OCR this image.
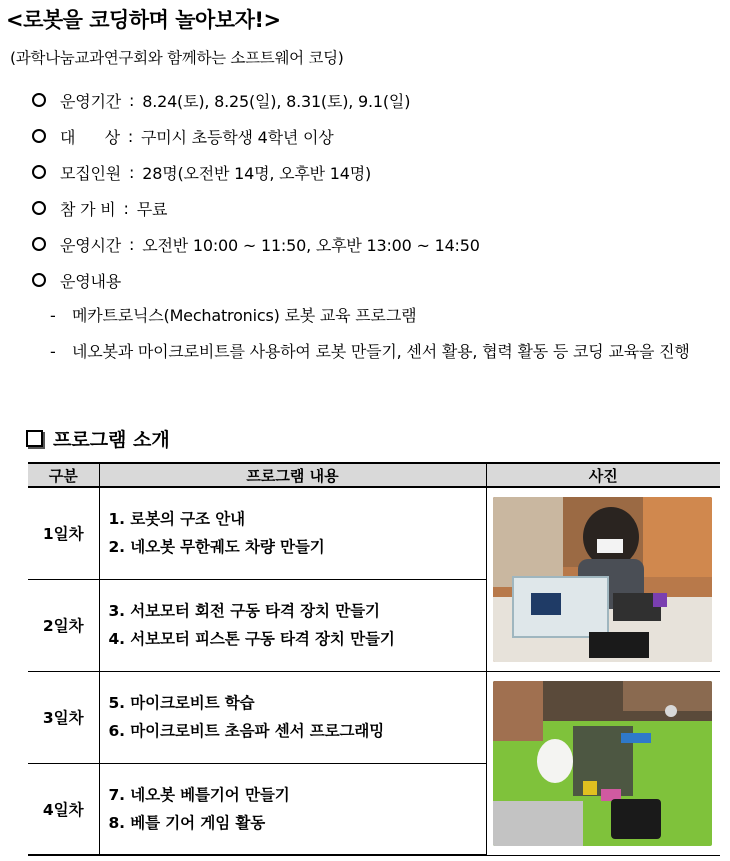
<로봇을 코딩하며 놀아보자!>
(과학나눔교과연구회와 함께하는 소프트웨어 코딩)
운영기간 : 8.24(토), 8.25(일), 8.31(토), 9.1(일)
대      상 : 구미시 초등학생 4학년 이상
모집인원 : 28명(오전반 14명, 오후반 14명)
참 가 비 : 무료
운영시간 : 오전반 10:00 ~ 11:50, 오후반 13:00 ~ 14:50
운영내용
-	메카트로닉스(Mechatronics) 로봇 교육 프로그램
-	네오봇과 마이크로비트를 사용하여 로봇 만들기, 센서 활용, 협력 활동 등 코딩 교육을 진행
프로그램 소개
구분	프로그램 내용	사진
1일차	1. 로봇의 구조 안내
2. 네오봇 무한궤도 차량 만들기

2일차	3. 서보모터 회전 구동 타격 장치 만들기
4. 서보모터 피스톤 구동 타격 장치 만들기	

3일차	5. 마이크로비트 학습
6. 마이크로비트 초음파 센서 프로그래밍

4일차	7. 네오봇 베틀기어 만들기
8. 베틀 기어 게임 활동	
